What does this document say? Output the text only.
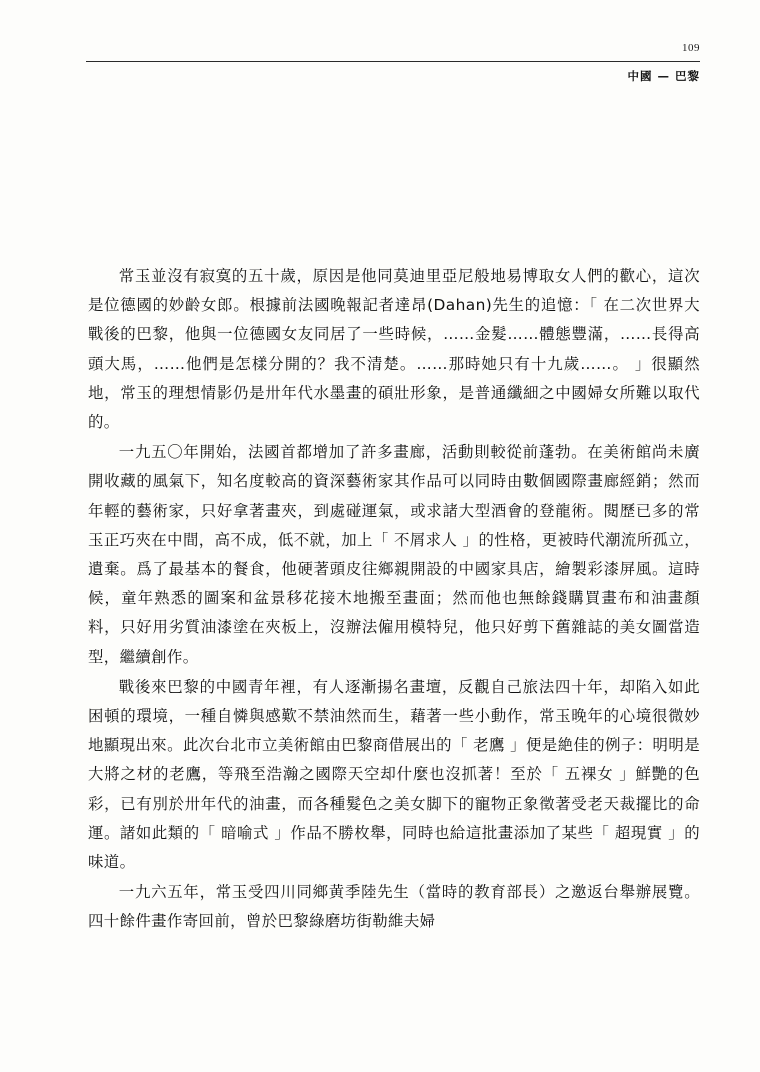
109
中國 — 巴黎

常玉並沒有寂寞的五十歲，原因是他同莫迪里亞尼般地易博取女人們的歡心，這次是位德國的妙齡女郎。根據前法國晚報記者達昂(Dahan)先生的追憶：「 在二次世界大戰後的巴黎，他與一位德國女友同居了一些時候，……金髮……體態豐滿，……長得高頭大馬，……他們是怎樣分開的？我不清楚。……那時她只有十九歲……。 」很顯然地，常玉的理想情影仍是卅年代水墨畫的碩壯形象，是普通纖細之中國婦女所難以取代的。

一九五〇年開始，法國首都增加了許多畫廊，活動則較從前蓬勃。在美術館尚未廣開收藏的風氣下，知名度較高的資深藝術家其作品可以同時由數個國際畫廊經銷；然而年輕的藝術家，只好拿著畫夾，到處碰運氣，或求諸大型酒會的登龍術。閱歷已多的常玉正巧夾在中間，高不成，低不就，加上「 不屑求人 」的性格，更被時代潮流所孤立，遺棄。爲了最基本的餐食，他硬著頭皮往鄉親開設的中國家具店，繪製彩漆屏風。這時候，童年熟悉的圖案和盆景移花接木地搬至畫面；然而他也無餘錢購買畫布和油畫顏料，只好用劣質油漆塗在夾板上，沒辦法僱用模特兒，他只好剪下舊雜誌的美女圖當造型，繼續創作。

戰後來巴黎的中國青年裡，有人逐漸揚名畫壇，反觀自己旅法四十年，却陷入如此困頓的環境，一種自憐與感歎不禁油然而生，藉著一些小動作，常玉晚年的心境很微妙地顯現出來。此次台北市立美術館由巴黎商借展出的「 老鷹 」便是絶佳的例子：明明是大將之材的老鷹，等飛至浩瀚之國際天空却什麼也沒抓著！至於「 五裸女 」鮮艷的色彩，已有別於卅年代的油畫，而各種髮色之美女脚下的寵物正象徵著受老天裁擺比的命運。諸如此類的「 暗喻式 」作品不勝枚舉，同時也給這批畫添加了某些「 超現實 」的味道。

一九六五年，常玉受四川同鄉黄季陸先生（當時的教育部長）之邀返台舉辦展覽。四十餘件畫作寄回前，曾於巴黎綠磨坊街勒維夫婦
